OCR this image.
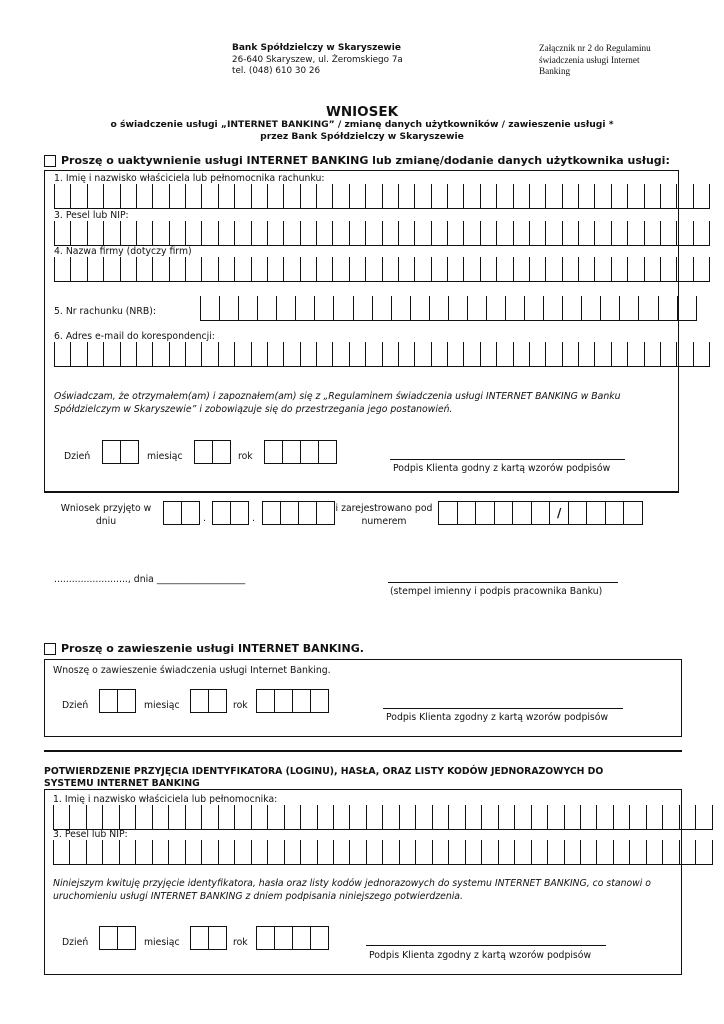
Bank Spółdzielczy w Skaryszewie
26-640 Skaryszew, ul. Żeromskiego 7a
tel. (048) 610 30 26
Załącznik nr 2 do Regulaminu
świadczenia usługi Internet
Banking
WNIOSEK
o świadczenie usługi „INTERNET BANKING” / zmianę danych użytkowników / zawieszenie usługi *
przez Bank Spółdzielczy w Skaryszewie
Proszę o uaktywnienie usługi INTERNET BANKING lub zmianę/dodanie danych użytkownika usługi:
1. Imię i nazwisko właściciela lub pełnomocnika rachunku:
3. Pesel lub NIP:
4. Nazwa firmy (dotyczy firm)
5. Nr rachunku (NRB):
6. Adres e-mail do korespondencji:
Oświadczam, że otrzymałem(am) i zapoznałem(am) się z „Regulaminem świadczenia usługi INTERNET BANKING w Banku Spółdzielczym w Skaryszewie” i zobowiązuje się do przestrzegania jego postanowień.
Dzień	miesiąc	rok
Podpis Klienta godny z kartą wzorów podpisów
Wniosek przyjęto w
dniu	.	.
i zarejestrowano pod
numerem
/
........................., dnia ___________________
(stempel imienny i podpis pracownika Banku)
Proszę o zawieszenie usługi INTERNET BANKING.
Wnoszę o zawieszenie świadczenia usługi Internet Banking.
Dzień	miesiąc	rok
Podpis Klienta zgodny z kartą wzorów podpisów
POTWIERDZENIE PRZYJĘCIA IDENTYFIKATORA (LOGINU), HASŁA, ORAZ LISTY KODÓW JEDNORAZOWYCH DO
SYSTEMU INTERNET BANKING
1. Imię i nazwisko właściciela lub pełnomocnika:
3. Pesel lub NIP:
Niniejszym kwituję przyjęcie identyfikatora, hasła oraz listy kodów jednorazowych do systemu INTERNET BANKING, co stanowi o uruchomieniu usługi INTERNET BANKING z dniem podpisania niniejszego potwierdzenia.
Dzień	miesiąc	rok
Podpis Klienta zgodny z kartą wzorów podpisów
